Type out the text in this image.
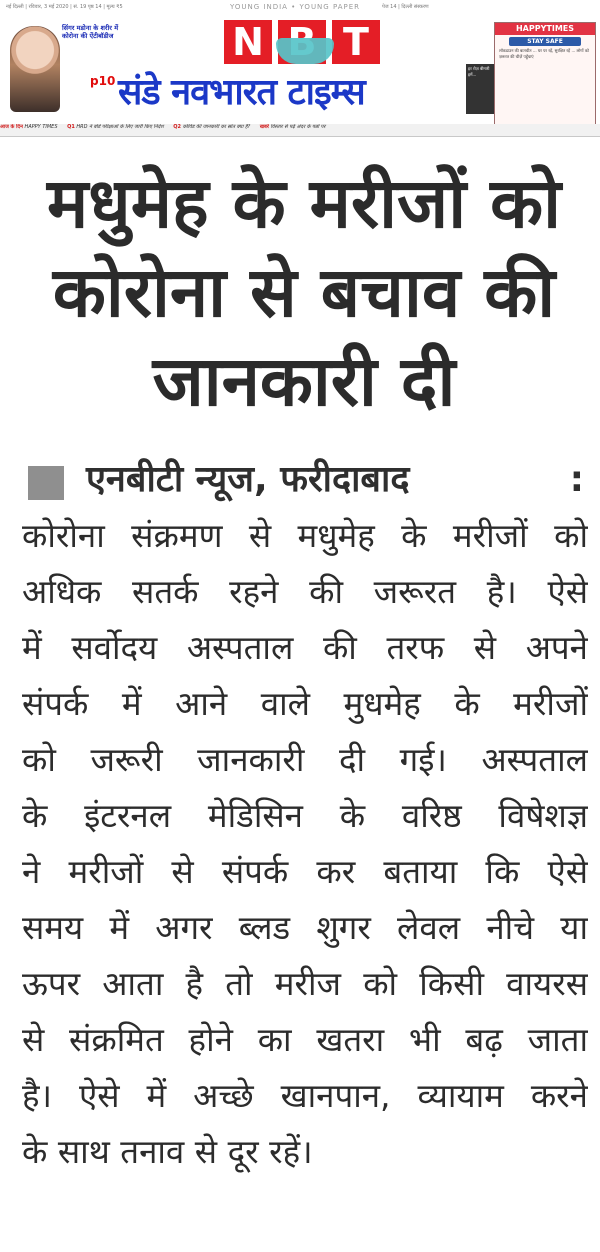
नई दिल्ली | रविवार, 3 मई 2020 | सं. 19 पृष्ठ 14 | मूल्य ₹5	YOUNG INDIA • YOUNG PAPER	पेज 14 | दिल्ली संस्करण
सिंगर मडोना के शरीर में कोरोना की ऐंटीबॉडीज
p10
N T
संडे नवभारत टाइम्स
हर रोज़ बीमारी हमें...
HAPPYTIMES
STAY SAFE
लॉकडाउन की बातचीत ... घर पर रहें, सुरक्षित रहें ... लोगों को ज़रूरत की चीज़ें पहुँचाएं
आज के दिन HAPPY TIMES Q1 HRD ने बोर्ड परीक्षाओं के लिए जारी किए निर्देश Q2 कोविड की जानकारी का स्रोत क्या है? खबरें विस्तार से पढ़ें अंदर के पन्नों पर
मधुमेह के मरीजों को
कोरोना से बचाव की
जानकारी दी
एनबीटी न्यूज, फरीदाबाद	:
कोरोना संक्रमण से मधुमेह के मरीजों को
अधिक सतर्क रहने की जरूरत है। ऐसे
में सर्वोदय अस्पताल की तरफ से अपने
संपर्क में आने वाले मुधमेह के मरीजों
को जरूरी जानकारी दी गई। अस्पताल
के इंटरनल मेडिसिन के वरिष्ठ विषेशज्ञ
ने मरीजों से संपर्क कर बताया कि ऐसे
समय में अगर ब्लड शुगर लेवल नीचे या
ऊपर आता है तो मरीज को किसी वायरस
से संक्रमित होने का खतरा भी बढ़ जाता
है। ऐसे में अच्छे खानपान, व्यायाम करने
के साथ तनाव से दूर रहें।
